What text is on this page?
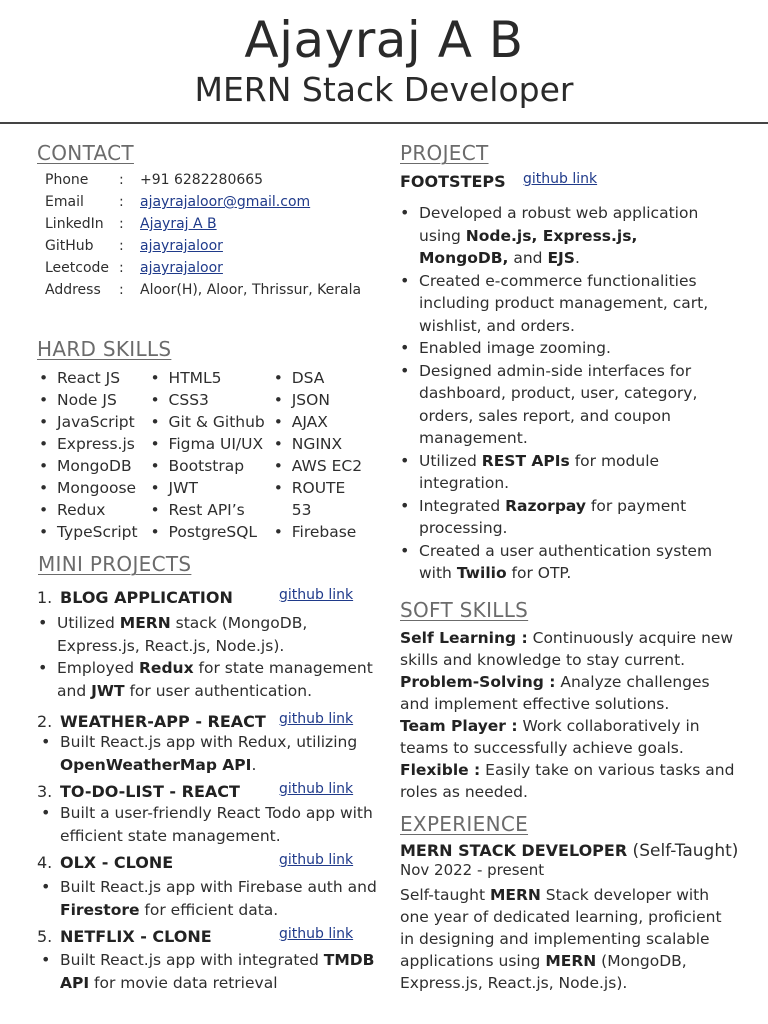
Ajayraj A B
MERN Stack Developer
CONTACT
Phone	:	+91 6282280665
Email	:	ajayrajaloor@gmail.com
LinkedIn	:	Ajayraj A B
GitHub	:	ajayrajaloor
Leetcode :	ajayrajaloor
Address	:	Aloor(H), Aloor, Thrissur, Kerala
HARD SKILLS
• React JS
• Node JS
• JavaScript
• Express.js
• MongoDB
• Mongoose
• Redux
• TypeScript
• HTML5
• CSS3
• Git & Github
• Figma UI/UX
• Bootstrap
• JWT
• Rest API’s
• PostgreSQL
• DSA
• JSON
• AJAX
• NGINX
• AWS EC2
• ROUTE 53
• Firebase
MINI PROJECTS
1. BLOG APPLICATION	github link
• Utilized MERN stack (MongoDB, Express.js, React.js, Node.js).
• Employed Redux for state management and JWT for user authentication.
2. WEATHER-APP - REACT github link
• Built React.js app with Redux, utilizing OpenWeatherMap API.
3. TO-DO-LIST - REACT	github link
• Built a user-friendly React Todo app with efficient state management.
4. OLX - CLONE	github link
• Built React.js app with Firebase auth and Firestore for efficient data.
5. NETFLIX - CLONE	github link
• Built React.js app with integrated TMDB API for movie data retrieval
PROJECT
FOOTSTEPS github link
• Developed a robust web application using Node.js, Express.js, MongoDB, and EJS.
• Created e-commerce functionalities including product management, cart, wishlist, and orders.
• Enabled image zooming.
• Designed admin-side interfaces for dashboard, product, user, category, orders, sales report, and coupon management.
• Utilized REST APIs for module integration.
• Integrated Razorpay for payment processing.
• Created a user authentication system with Twilio for OTP.
SOFT SKILLS

Self Learning : Continuously acquire new skills and knowledge to stay current.

Problem-Solving : Analyze challenges and implement effective solutions.

Team Player : Work collaboratively in teams to successfully achieve goals.

Flexible : Easily take on various tasks and roles as needed.

EXPERIENCE
MERN STACK DEVELOPER (Self-Taught)
Nov 2022 - present
Self-taught MERN Stack developer with one year of dedicated learning, proficient in designing and implementing scalable applications using MERN (MongoDB, Express.js, React.js, Node.js).
